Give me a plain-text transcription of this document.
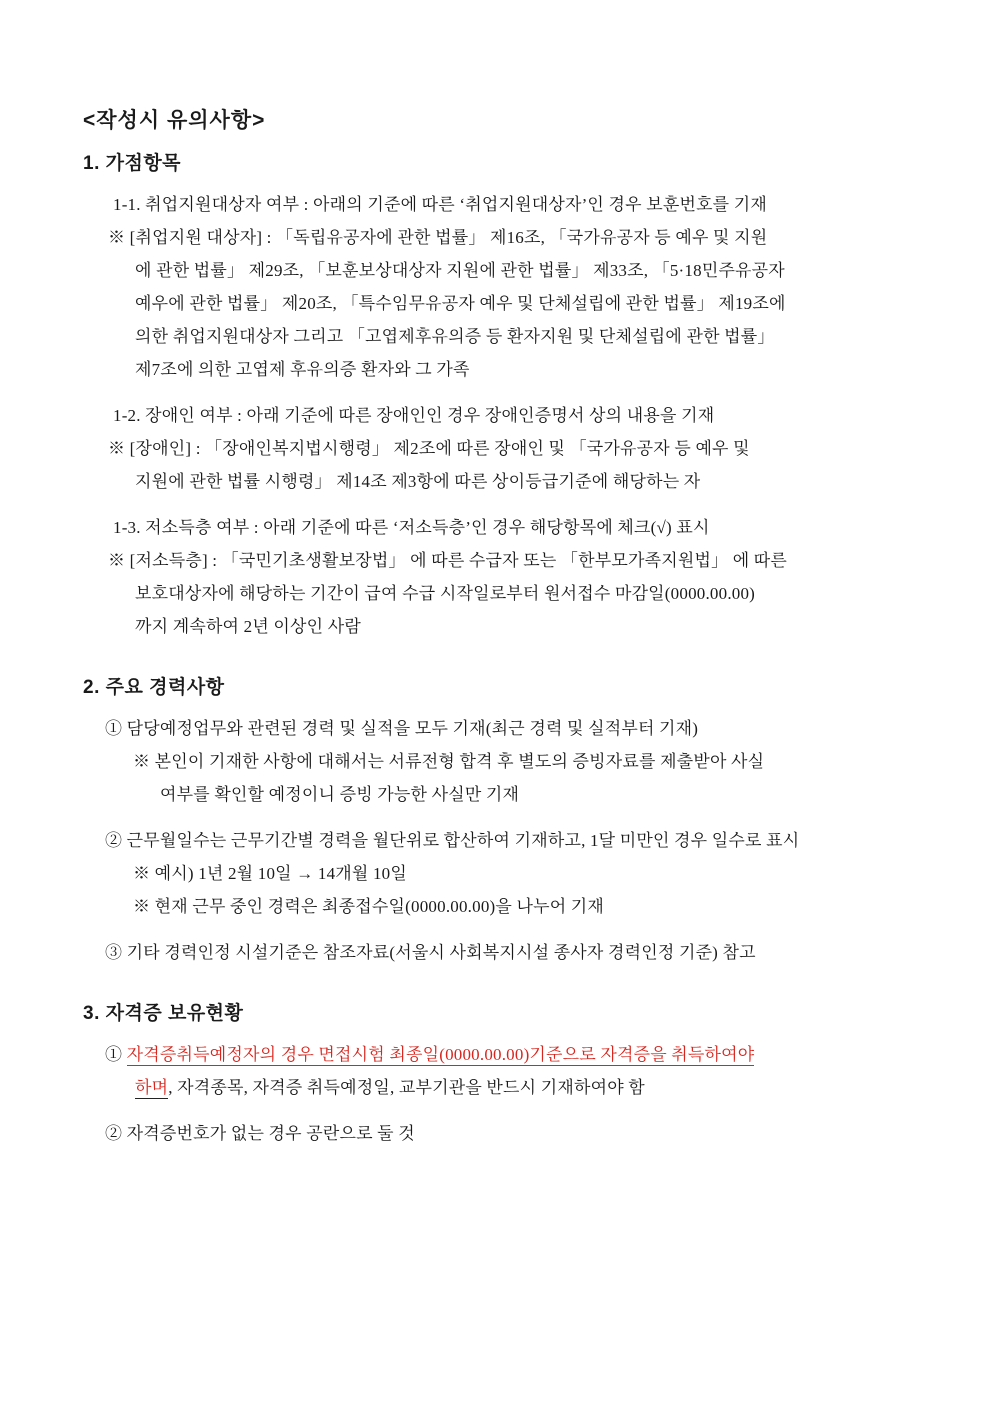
<작성시 유의사항>
1. 가점항목
1-1. 취업지원대상자 여부 : 아래의 기준에 따른 ‘취업지원대상자’인 경우 보훈번호를 기재
※ [취업지원 대상자] : 「독립유공자에 관한 법률」 제16조, 「국가유공자 등 예우 및 지원
에 관한 법률」 제29조, 「보훈보상대상자 지원에 관한 법률」 제33조, 「5·18민주유공자
예우에 관한 법률」 제20조, 「특수임무유공자 예우 및 단체설립에 관한 법률」 제19조에
의한 취업지원대상자 그리고 「고엽제후유의증 등 환자지원 및 단체설립에 관한 법률」
제7조에 의한 고엽제 후유의증 환자와 그 가족
1-2. 장애인 여부 : 아래 기준에 따른 장애인인 경우 장애인증명서 상의 내용을 기재
※ [장애인] : 「장애인복지법시행령」 제2조에 따른 장애인 및 「국가유공자 등 예우 및
지원에 관한 법률 시행령」 제14조 제3항에 따른 상이등급기준에 해당하는 자
1-3. 저소득층 여부 : 아래 기준에 따른 ‘저소득층’인 경우 해당항목에 체크(√) 표시
※ [저소득층] : 「국민기초생활보장법」 에 따른 수급자 또는 「한부모가족지원법」 에 따른
보호대상자에 해당하는 기간이 급여 수급 시작일로부터 원서접수 마감일(0000.00.00)
까지 계속하여 2년 이상인 사람
2. 주요 경력사항
① 담당예정업무와 관련된 경력 및 실적을 모두 기재(최근 경력 및 실적부터 기재)
※ 본인이 기재한 사항에 대해서는 서류전형 합격 후 별도의 증빙자료를 제출받아 사실
여부를 확인할 예정이니 증빙 가능한 사실만 기재
② 근무월일수는 근무기간별 경력을 월단위로 합산하여 기재하고, 1달 미만인 경우 일수로 표시
※ 예시) 1년 2월 10일 → 14개월 10일
※ 현재 근무 중인 경력은 최종접수일(0000.00.00)을 나누어 기재
③ 기타 경력인정 시설기준은 참조자료(서울시 사회복지시설 종사자 경력인정 기준) 참고
3. 자격증 보유현황
① 자격증취득예정자의 경우 면접시험 최종일(0000.00.00)기준으로 자격증을 취득하여야
하며, 자격종목, 자격증 취득예정일, 교부기관을 반드시 기재하여야 함
② 자격증번호가 없는 경우 공란으로 둘 것
